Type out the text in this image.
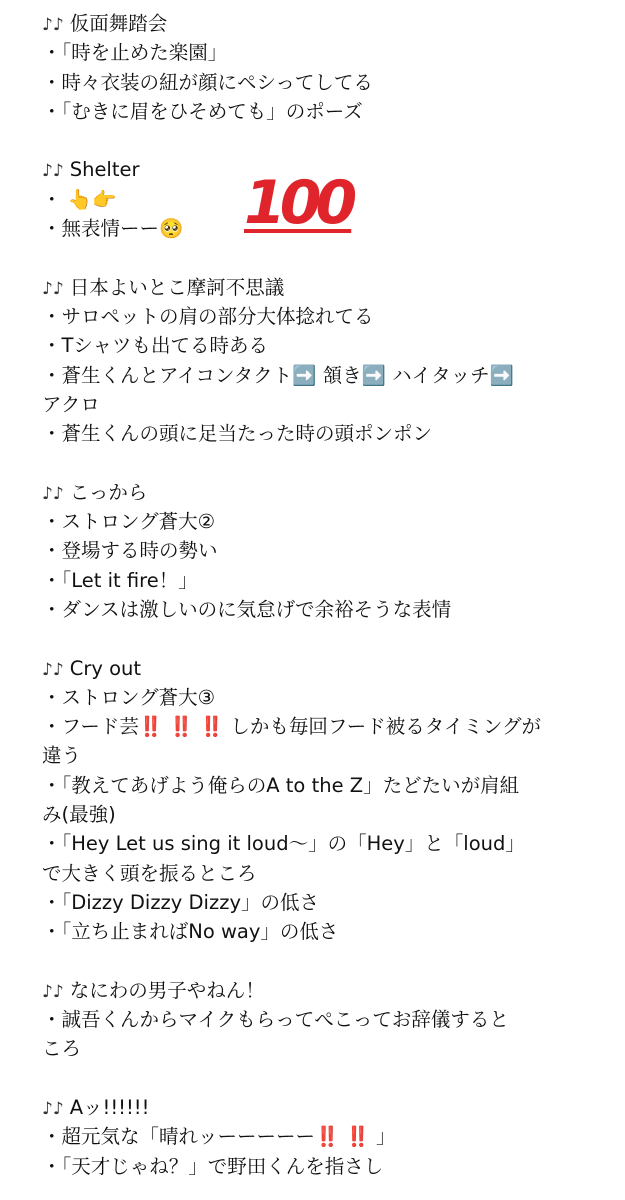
♪♪ 仮面舞踏会
・「時を止めた楽園」
・時々衣装の紐が顔にペシってしてる
・「むきに眉をひそめても」のポーズ
♪♪ Shelter
・ 👆👉
・無表情ーー🥺
♪♪ 日本よいとこ摩訶不思議
・サロペットの肩の部分大体捻れてる
・Tシャツも出てる時ある
・蒼生くんとアイコンタクト➡️ 頷き➡️ ハイタッチ➡️
アクロ
・蒼生くんの頭に足当たった時の頭ポンポン
♪♪ こっから
・ストロング蒼大②
・登場する時の勢い
・「Let it fire！」
・ダンスは激しいのに気怠げで余裕そうな表情
♪♪ Cry out
・ストロング蒼大③
・フード芸‼️ ‼️ ‼️ しかも毎回フード被るタイミングが
違う
・「教えてあげよう俺らのA to the Z」たどたいが肩組
み(最強)
・「Hey Let us sing it loud〜」の「Hey」と「loud」
で大きく頭を振るところ
・「Dizzy Dizzy Dizzy」の低さ
・「立ち止まればNo way」の低さ
♪♪ なにわの男子やねん！
・誠吾くんからマイクもらってぺこってお辞儀すると
ころ
♪♪ Aッ!!!!!!
・超元気な「晴れッーーーーー‼️ ‼️ 」
・「天才じゃね？」で野田くんを指さし
100
